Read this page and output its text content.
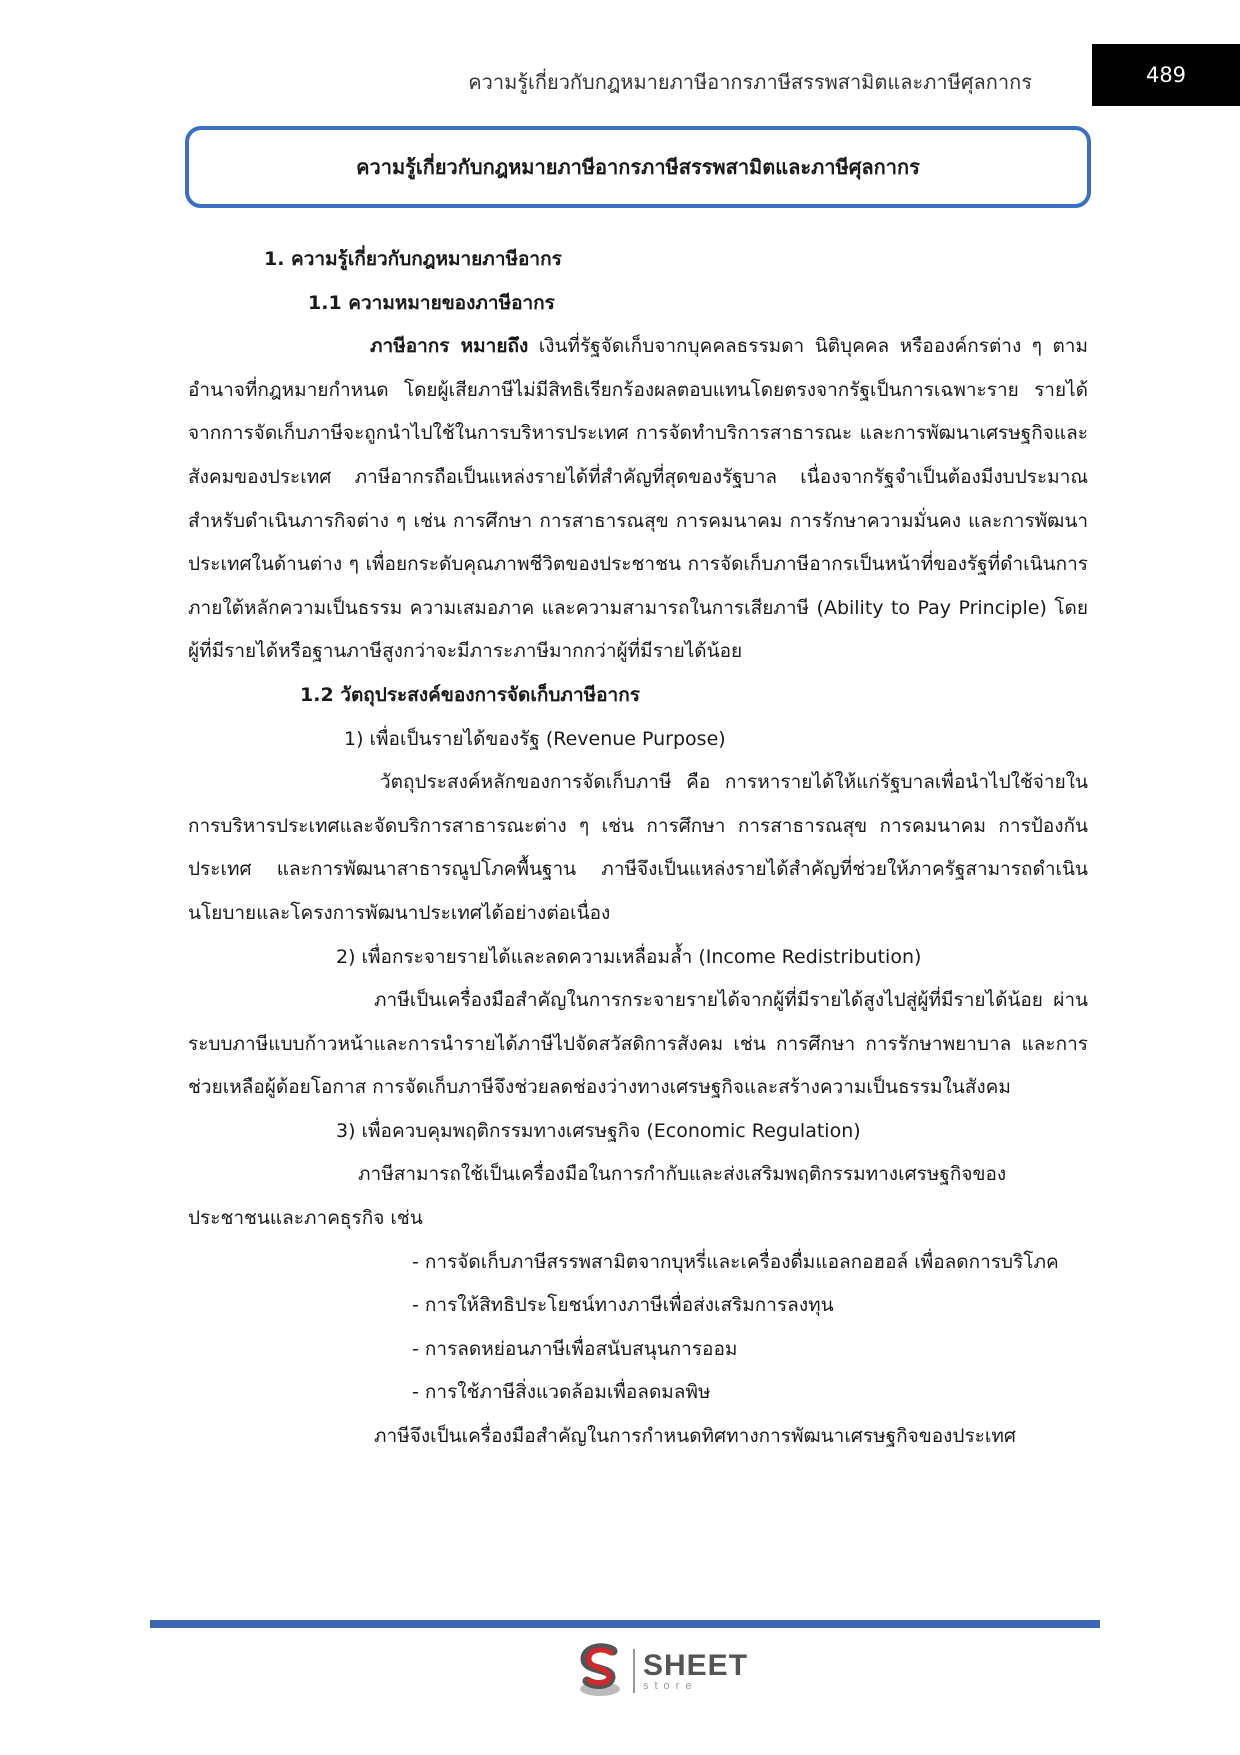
ความรู้เกี่ยวกับกฎหมายภาษีอากรภาษีสรรพสามิตและภาษีศุลกากร	489
ความรู้เกี่ยวกับกฎหมายภาษีอากรภาษีสรรพสามิตและภาษีศุลกากร

1. ความรู้เกี่ยวกับกฎหมายภาษีอากร

1.1 ความหมายของภาษีอากร

ภาษีอากร หมายถึง เงินที่รัฐจัดเก็บจากบุคคลธรรมดา นิติบุคคล หรือองค์กรต่าง ๆ ตามอำนาจที่กฎหมายกำหนด โดยผู้เสียภาษีไม่มีสิทธิเรียกร้องผลตอบแทนโดยตรงจากรัฐเป็นการเฉพาะราย รายได้จากการจัดเก็บภาษีจะถูกนำไปใช้ในการบริหารประเทศ การจัดทำบริการสาธารณะ และการพัฒนาเศรษฐกิจและสังคมของประเทศ ภาษีอากรถือเป็นแหล่งรายได้ที่สำคัญที่สุดของรัฐบาล เนื่องจากรัฐจำเป็นต้องมีงบประมาณสำหรับดำเนินภารกิจต่าง ๆ เช่น การศึกษา การสาธารณสุข การคมนาคม การรักษาความมั่นคง และการพัฒนาประเทศในด้านต่าง ๆ เพื่อยกระดับคุณภาพชีวิตของประชาชน การจัดเก็บภาษีอากรเป็นหน้าที่ของรัฐที่ดำเนินการภายใต้หลักความเป็นธรรม ความเสมอภาค และความสามารถในการเสียภาษี (Ability to Pay Principle) โดยผู้ที่มีรายได้หรือฐานภาษีสูงกว่าจะมีภาระภาษีมากกว่าผู้ที่มีรายได้น้อย

1.2 วัตถุประสงค์ของการจัดเก็บภาษีอากร

1) เพื่อเป็นรายได้ของรัฐ (Revenue Purpose)

วัตถุประสงค์หลักของการจัดเก็บภาษี คือ การหารายได้ให้แก่รัฐบาลเพื่อนำไปใช้จ่ายในการบริหารประเทศและจัดบริการสาธารณะต่าง ๆ เช่น การศึกษา การสาธารณสุข การคมนาคม การป้องกันประเทศ และการพัฒนาสาธารณูปโภคพื้นฐาน ภาษีจึงเป็นแหล่งรายได้สำคัญที่ช่วยให้ภาครัฐสามารถดำเนินนโยบายและโครงการพัฒนาประเทศได้อย่างต่อเนื่อง

2) เพื่อกระจายรายได้และลดความเหลื่อมล้ำ (Income Redistribution)

ภาษีเป็นเครื่องมือสำคัญในการกระจายรายได้จากผู้ที่มีรายได้สูงไปสู่ผู้ที่มีรายได้น้อย ผ่านระบบภาษีแบบก้าวหน้าและการนำรายได้ภาษีไปจัดสวัสดิการสังคม เช่น การศึกษา การรักษาพยาบาล และการช่วยเหลือผู้ด้อยโอกาส การจัดเก็บภาษีจึงช่วยลดช่องว่างทางเศรษฐกิจและสร้างความเป็นธรรมในสังคม

3) เพื่อควบคุมพฤติกรรมทางเศรษฐกิจ (Economic Regulation)

ภาษีสามารถใช้เป็นเครื่องมือในการกำกับและส่งเสริมพฤติกรรมทางเศรษฐกิจของประชาชนและภาคธุรกิจ เช่น

- การจัดเก็บภาษีสรรพสามิตจากบุหรี่และเครื่องดื่มแอลกอฮอล์ เพื่อลดการบริโภค

- การให้สิทธิประโยชน์ทางภาษีเพื่อส่งเสริมการลงทุน

- การลดหย่อนภาษีเพื่อสนับสนุนการออม

- การใช้ภาษีสิ่งแวดล้อมเพื่อลดมลพิษ

ภาษีจึงเป็นเครื่องมือสำคัญในการกำหนดทิศทางการพัฒนาเศรษฐกิจของประเทศ

SHEET
store
